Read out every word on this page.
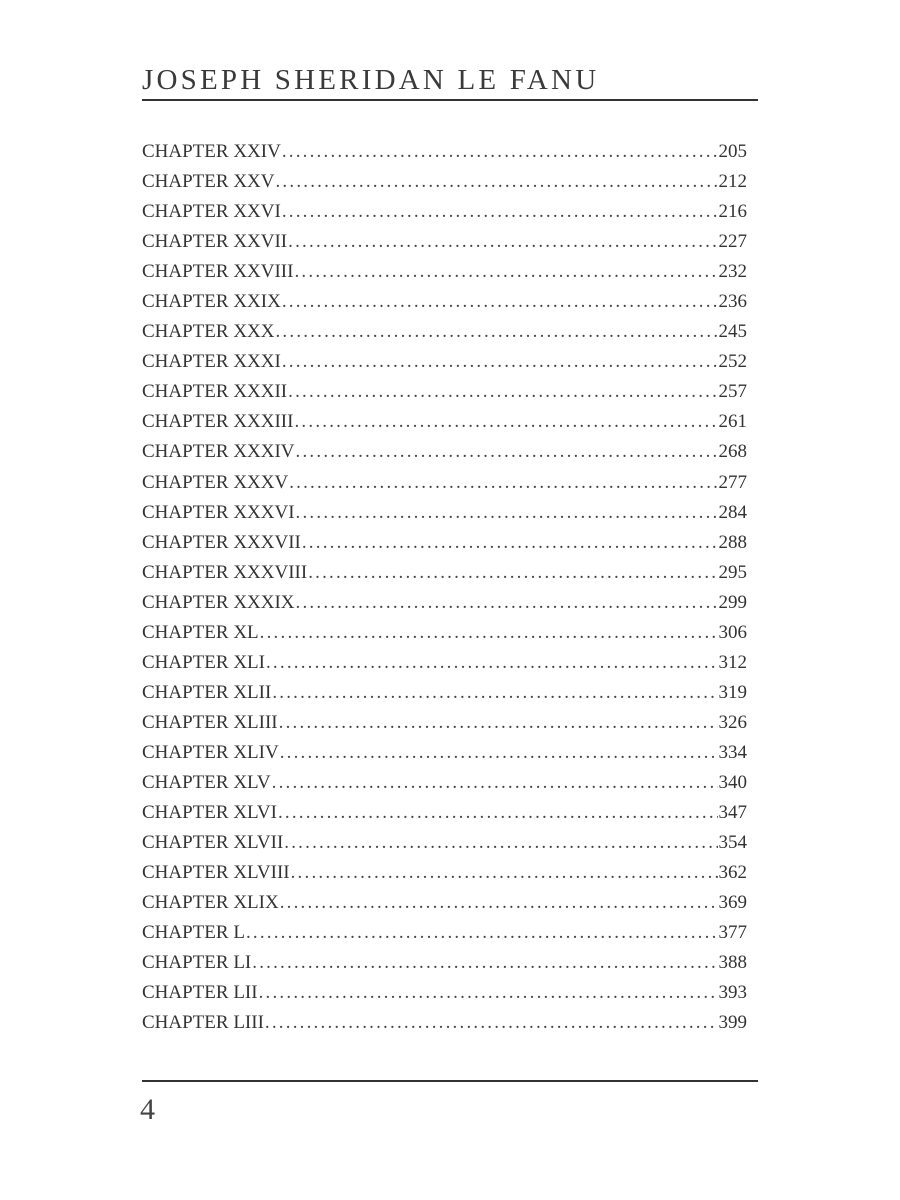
JOSEPH SHERIDAN LE FANU
CHAPTER XXIV .....	205
CHAPTER XXV .....	212
CHAPTER XXVI .....	216
CHAPTER XXVII .....	227
CHAPTER XXVIII .....	232
CHAPTER XXIX .....	236
CHAPTER XXX .....	245
CHAPTER XXXI .....	252
CHAPTER XXXII .....	257
CHAPTER XXXIII .....	261
CHAPTER XXXIV .....	268
CHAPTER XXXV .....	277
CHAPTER XXXVI .....	284
CHAPTER XXXVII .....	288
CHAPTER XXXVIII .....	295
CHAPTER XXXIX .....	299
CHAPTER XL .....	306
CHAPTER XLI .....	312
CHAPTER XLII .....	319
CHAPTER XLIII .....	326
CHAPTER XLIV .....	334
CHAPTER XLV .....	340
CHAPTER XLVI .....	347
CHAPTER XLVII .....	354
CHAPTER XLVIII .....	362
CHAPTER XLIX .....	369
CHAPTER L .....	377
CHAPTER LI .....	388
CHAPTER LII .....	393
CHAPTER LIII .....	399
4
